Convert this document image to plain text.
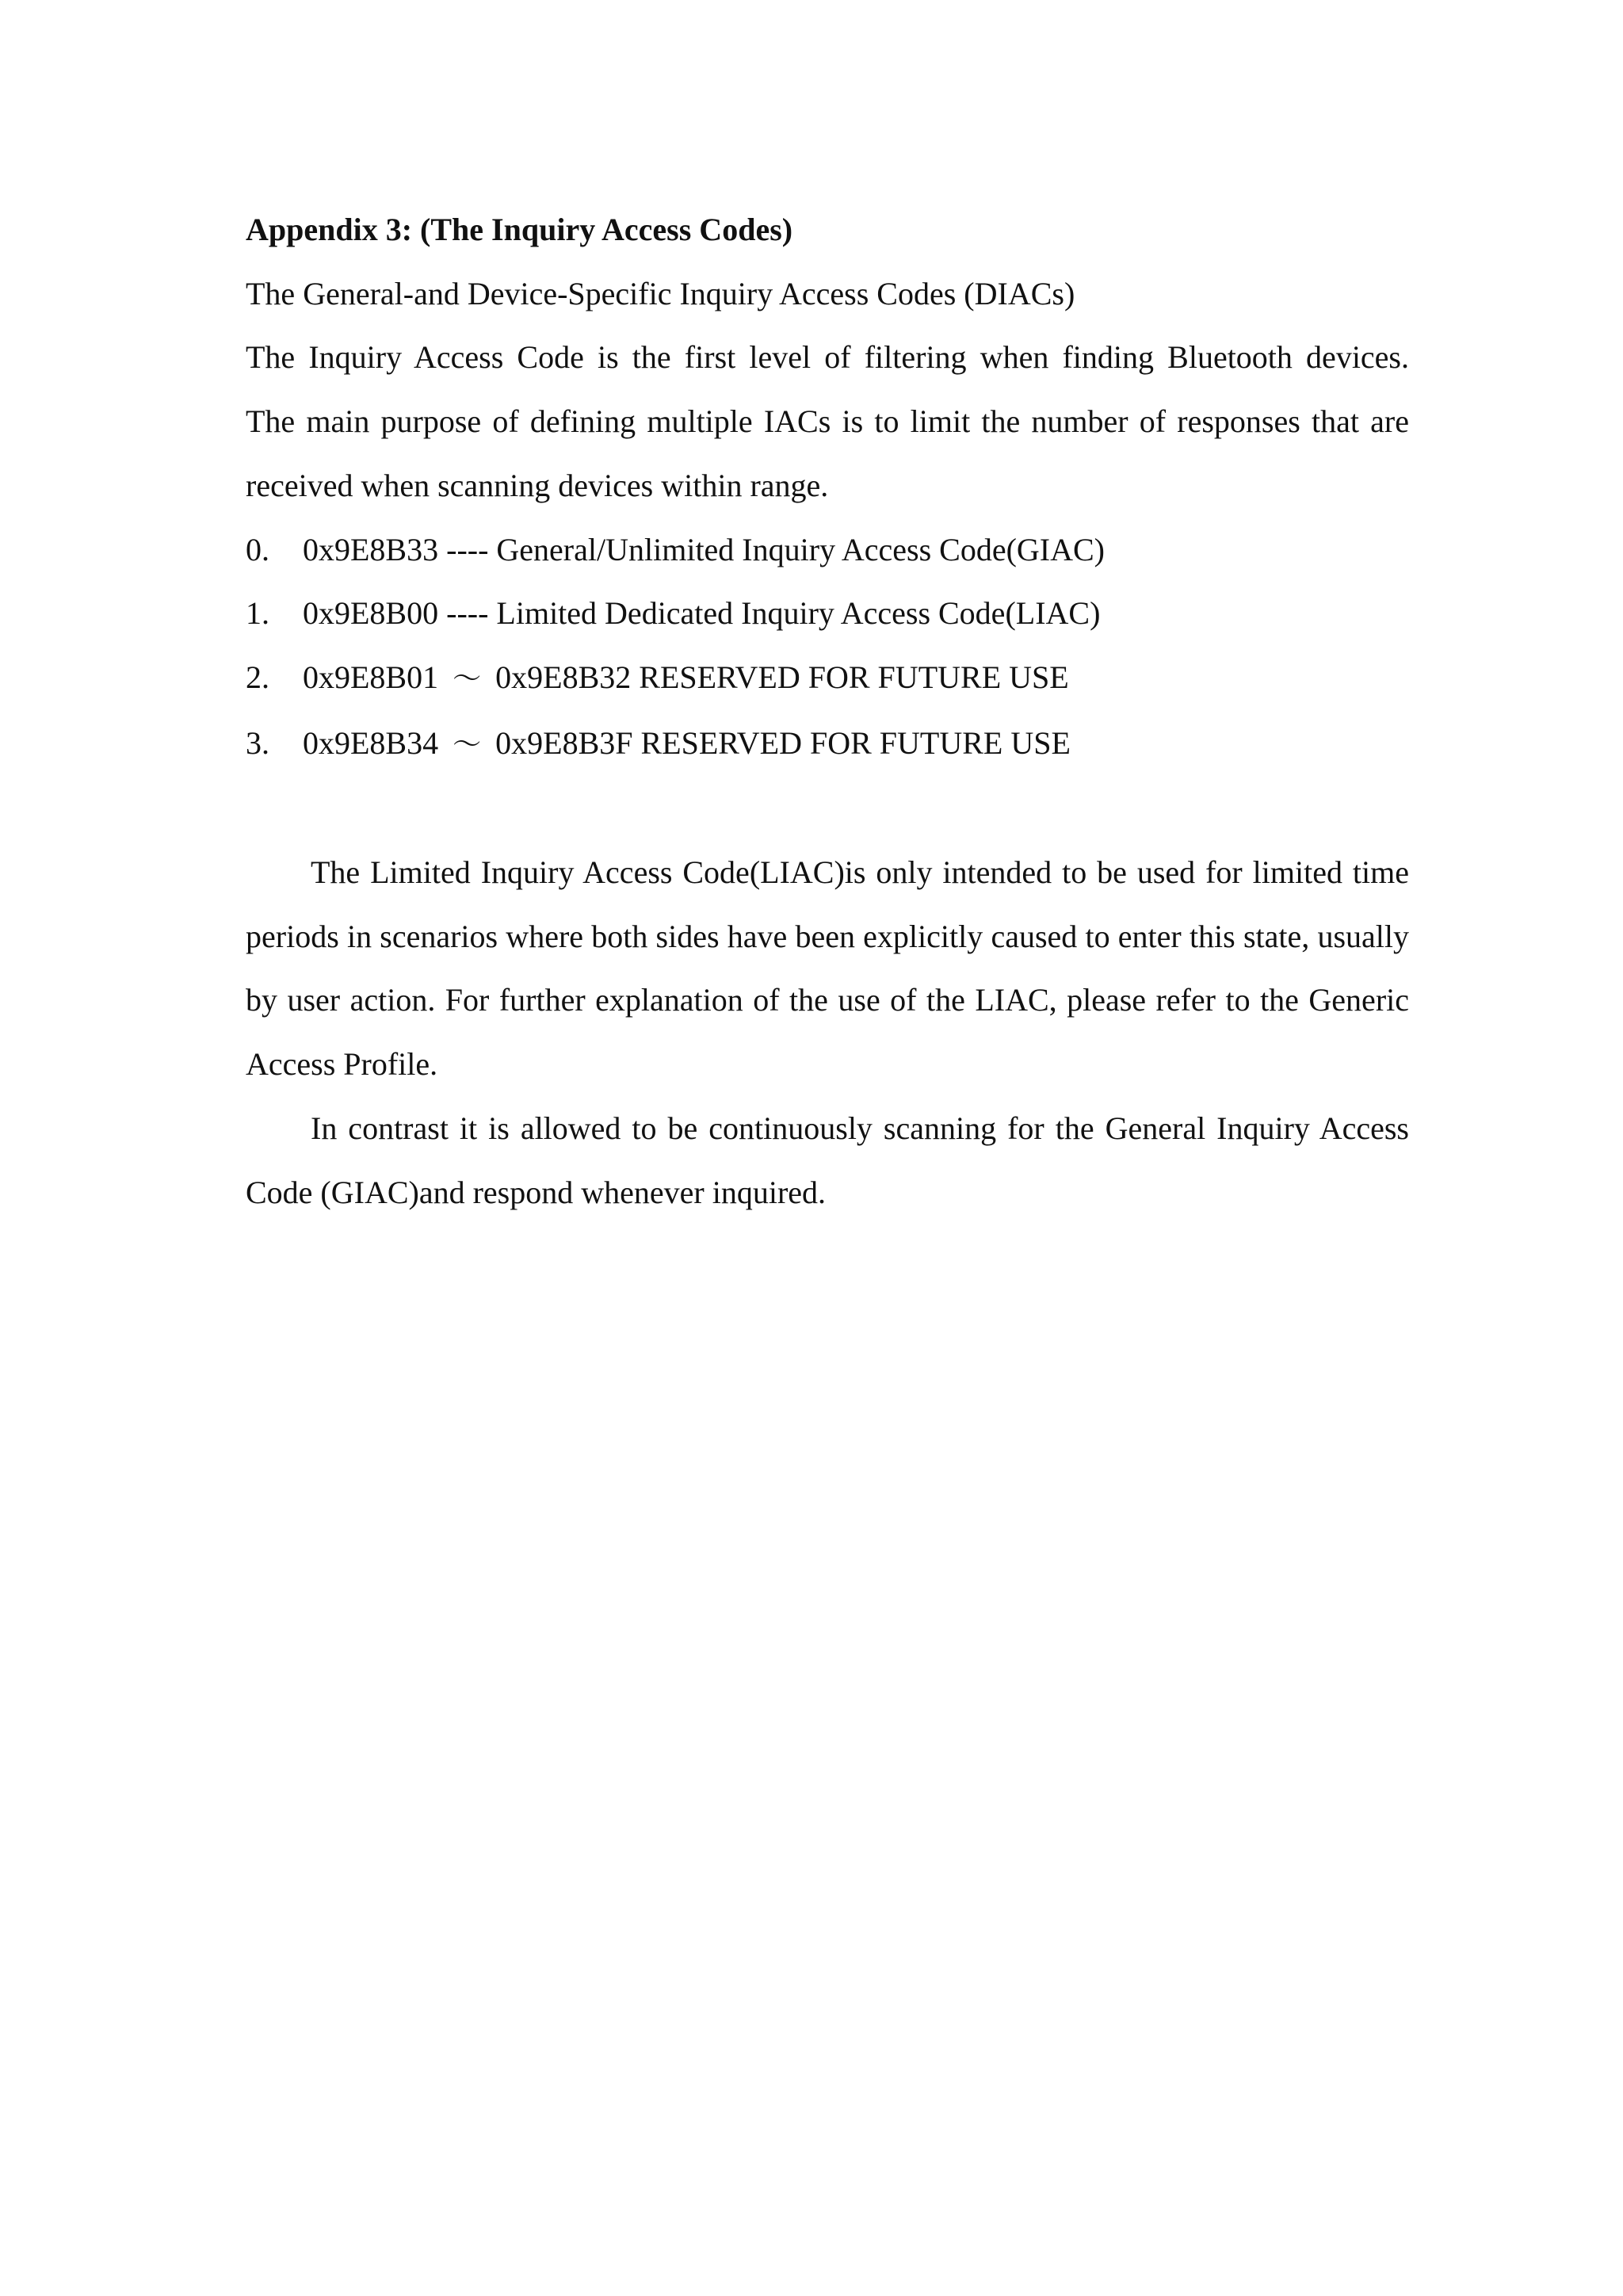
Appendix 3: (The Inquiry Access Codes)

The General-and Device-Specific Inquiry Access Codes (DIACs)

The Inquiry Access Code is the first level of filtering when finding Bluetooth devices.

The main purpose of defining multiple IACs is to limit the number of responses that are

received when scanning devices within range.

0.	0x9E8B33 ---- General/Unlimited Inquiry Access Code(GIAC)
1.	0x9E8B00 ---- Limited Dedicated Inquiry Access Code(LIAC)
2.	0x9E8B01 ～ 0x9E8B32 RESERVED FOR FUTURE USE
3.	0x9E8B34 ～ 0x9E8B3F RESERVED FOR FUTURE USE

The Limited Inquiry Access Code(LIAC)is only intended to be used for limited time periods in scenarios where both sides have been explicitly caused to enter this state, usually by user action. For further explanation of the use of the LIAC, please refer to the Generic Access Profile.

In contrast it is allowed to be continuously scanning for the General Inquiry Access Code (GIAC)and respond whenever inquired.
